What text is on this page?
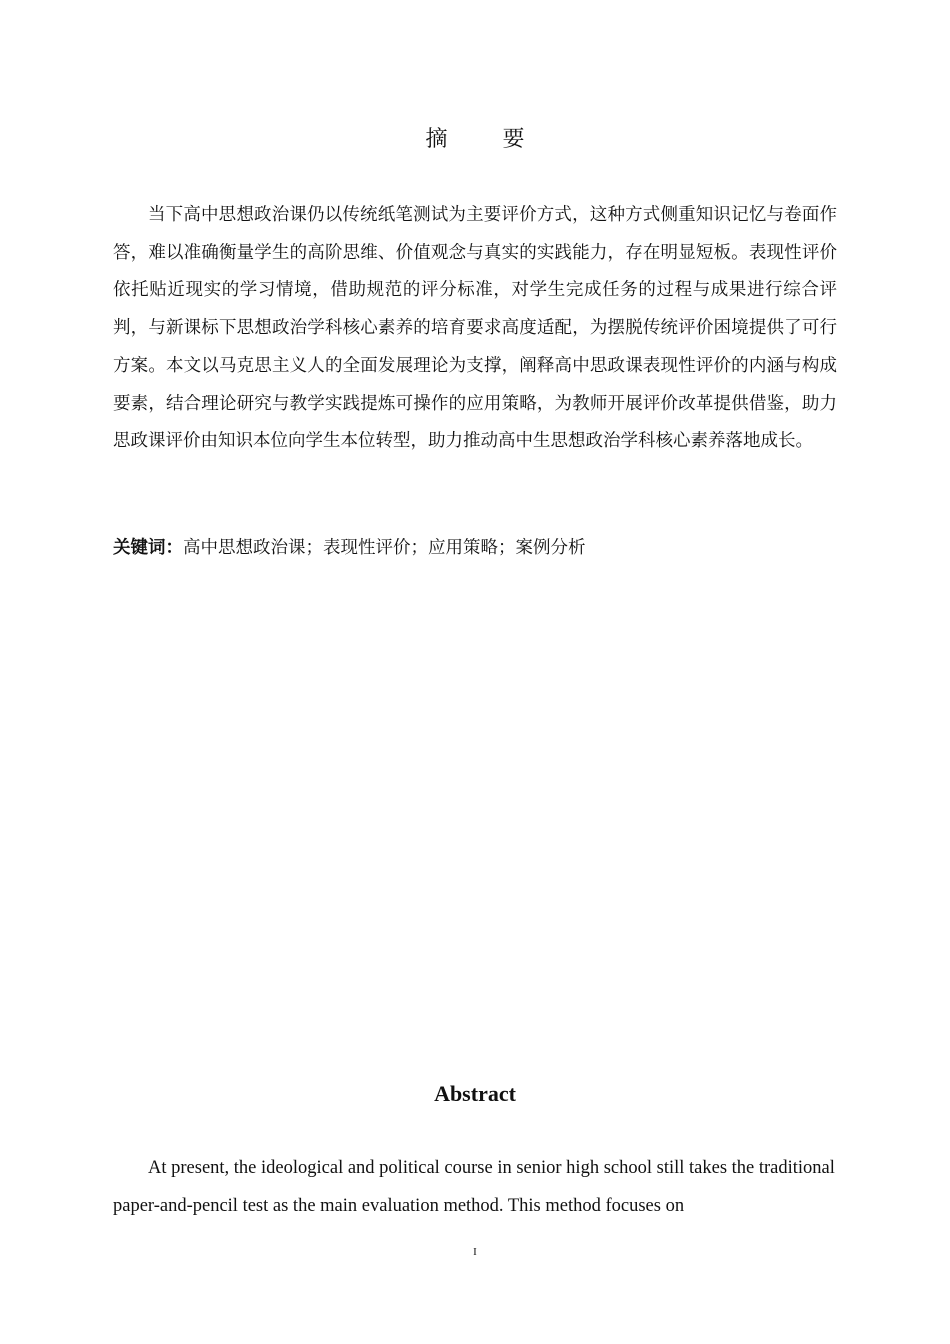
摘 要

当下高中思想政治课仍以传统纸笔测试为主要评价方式，这种方式侧重知识记忆与卷面作答，难以准确衡量学生的高阶思维、价值观念与真实的实践能力，存在明显短板。表现性评价依托贴近现实的学习情境，借助规范的评分标准，对学生完成任务的过程与成果进行综合评判，与新课标下思想政治学科核心素养的培育要求高度适配，为摆脱传统评价困境提供了可行方案。本文以马克思主义人的全面发展理论为支撑，阐释高中思政课表现性评价的内涵与构成要素，结合理论研究与教学实践提炼可操作的应用策略，为教师开展评价改革提供借鉴，助力思政课评价由知识本位向学生本位转型，助力推动高中生思想政治学科核心素养落地成长。

关键词：高中思想政治课；表现性评价；应用策略；案例分析
Abstract

At present, the ideological and political course in senior high school still takes the traditional paper-and-pencil test as the main evaluation method. This method focuses on

I
